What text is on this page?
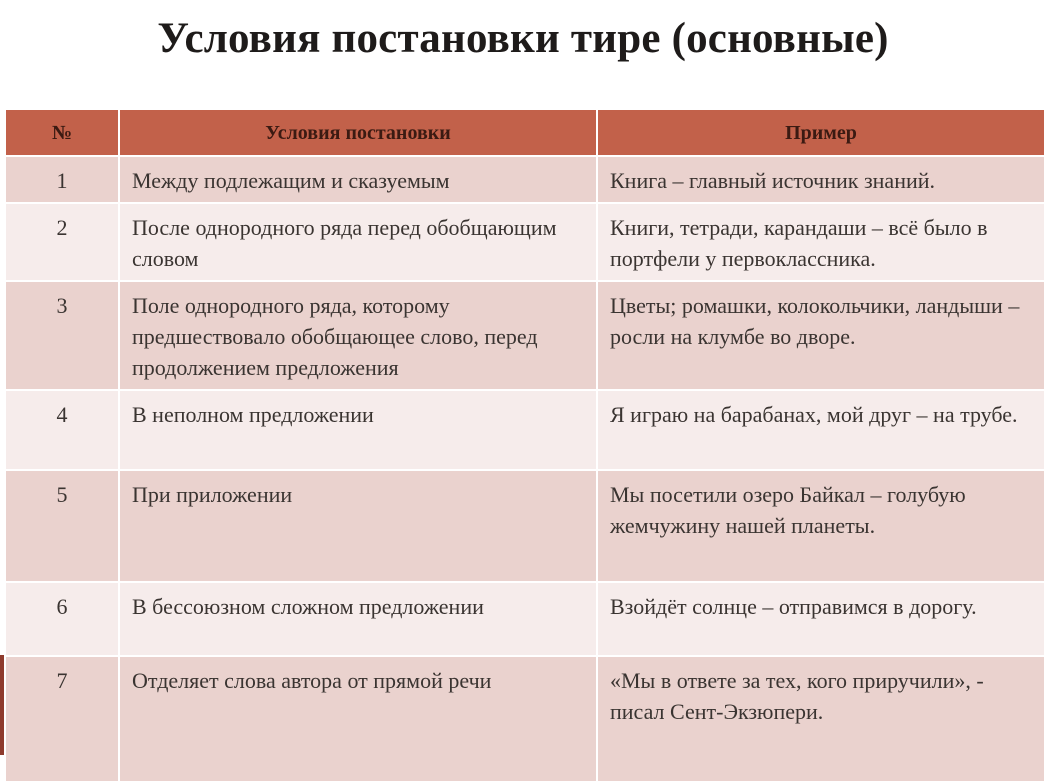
Условия постановки тире (основные)
№	Условия постановки	Пример
1	Между подлежащим и сказуемым	Книга – главный источник знаний.
2	После однородного ряда перед обобщающим словом	Книги, тетради, карандаши – всё было в портфели у первоклассника.
3	Поле однородного ряда, которому предшествовало обобщающее слово, перед продолжением предложения	Цветы; ромашки, колокольчики, ландыши – росли на клумбе во дворе.
4	В неполном предложении	Я играю на барабанах, мой друг – на трубе.
5	При приложении	Мы посетили озеро Байкал – голубую жемчужину нашей планеты.
6	В бессоюзном сложном предложении	Взойдёт солнце – отправимся в дорогу.
7	Отделяет слова автора от прямой речи	«Мы в ответе за тех, кого приручили», - писал Сент-Экзюпери.
